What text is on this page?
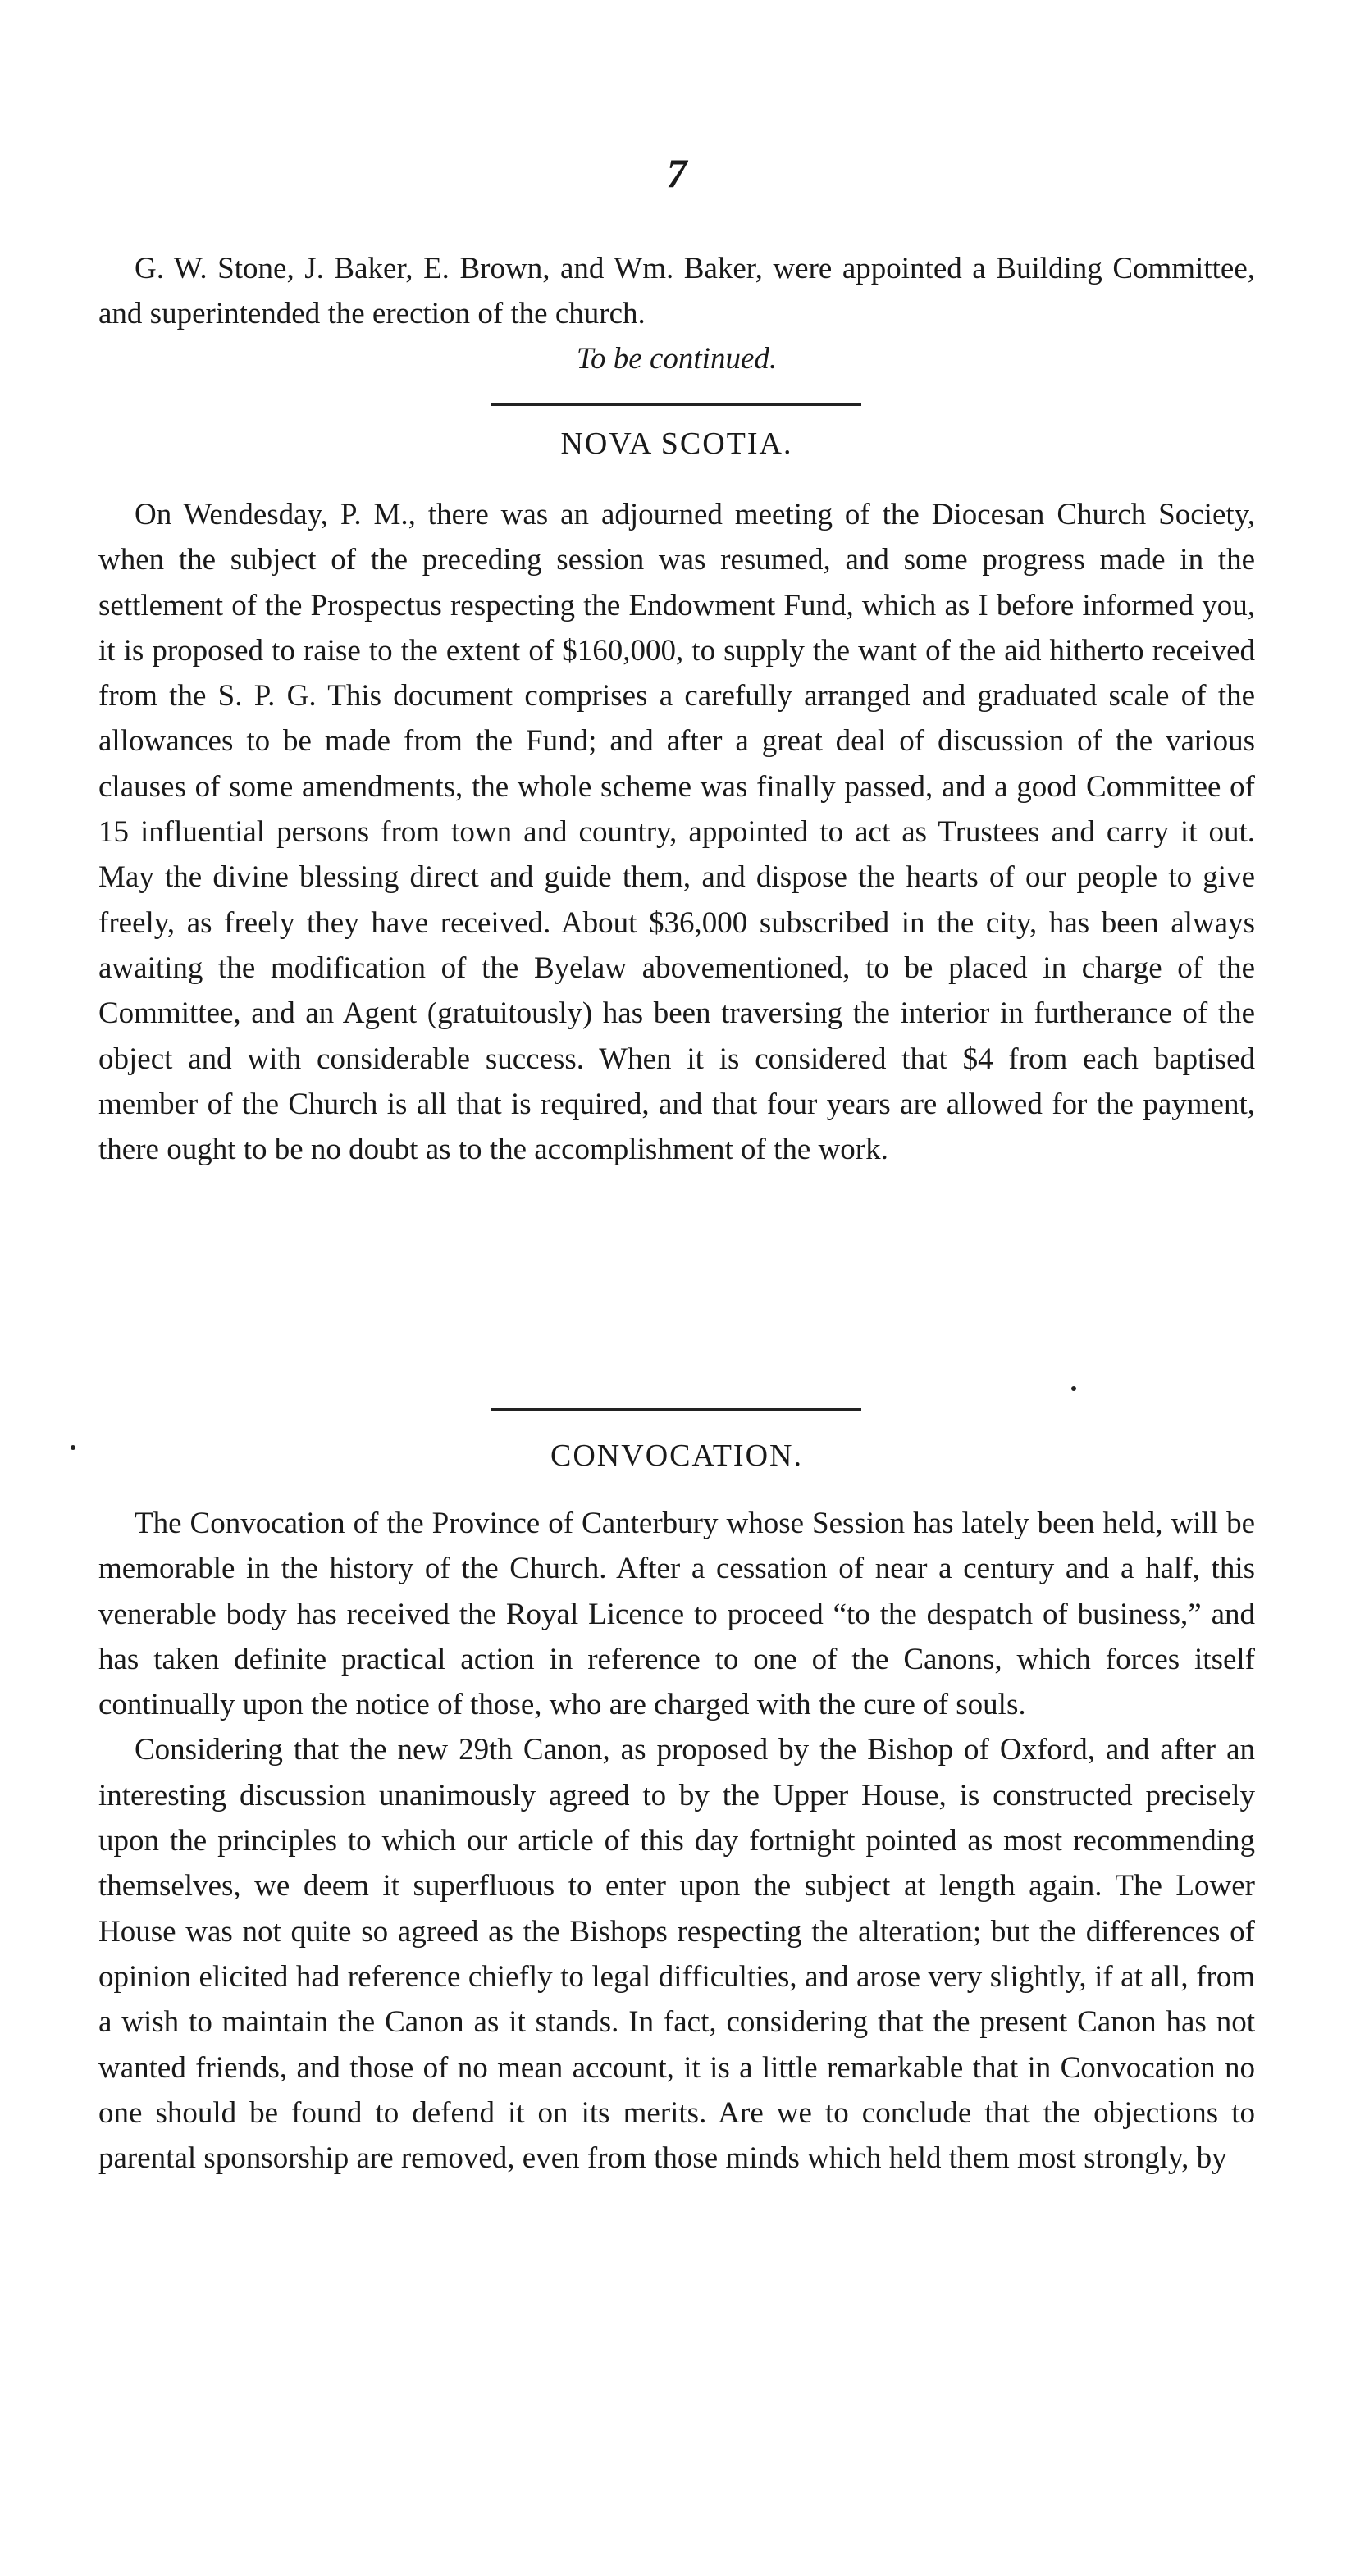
7

G. W. Stone, J. Baker, E. Brown, and Wm. Baker, were appointed a Building Committee, and superintended the erection of the church.

To be continued.
NOVA SCOTIA.

On Wendesday, P. M., there was an adjourned meeting of the Diocesan Church Society, when the subject of the preceding session was resumed, and some progress made in the settlement of the Prospectus respecting the Endowment Fund, which as I before informed you, it is proposed to raise to the extent of $160,000, to supply the want of the aid hitherto received from the S. P. G. This document comprises a carefully arranged and graduated scale of the allowances to be made from the Fund; and after a great deal of discussion of the various clauses of some amendments, the whole scheme was finally passed, and a good Committee of 15 influential persons from town and country, appointed to act as Trustees and carry it out. May the divine blessing direct and guide them, and dispose the hearts of our people to give freely, as freely they have received. About $36,000 subscribed in the city, has been always awaiting the modification of the Byelaw abovementioned, to be placed in charge of the Committee, and an Agent (gratuitously) has been traversing the interior in furtherance of the object and with considerable success. When it is considered that $4 from each baptised member of the Church is all that is required, and that four years are allowed for the payment, there ought to be no doubt as to the accomplishment of the work.

CONVOCATION.

The Convocation of the Province of Canterbury whose Session has lately been held, will be memorable in the history of the Church. After a cessation of near a century and a half, this venerable body has received the Royal Licence to proceed “to the despatch of business,” and has taken definite practical action in reference to one of the Canons, which forces itself continually upon the notice of those, who are charged with the cure of souls.

Considering that the new 29th Canon, as proposed by the Bishop of Oxford, and after an interesting discussion unanimously agreed to by the Upper House, is constructed precisely upon the principles to which our article of this day fortnight pointed as most recommending themselves, we deem it superfluous to enter upon the subject at length again. The Lower House was not quite so agreed as the Bishops respecting the alteration; but the differences of opinion elicited had reference chiefly to legal difficulties, and arose very slightly, if at all, from a wish to maintain the Canon as it stands. In fact, considering that the present Canon has not wanted friends, and those of no mean account, it is a little remarkable that in Convocation no one should be found to defend it on its merits. Are we to conclude that the objections to parental sponsorship are removed, even from those minds which held them most strongly, by
